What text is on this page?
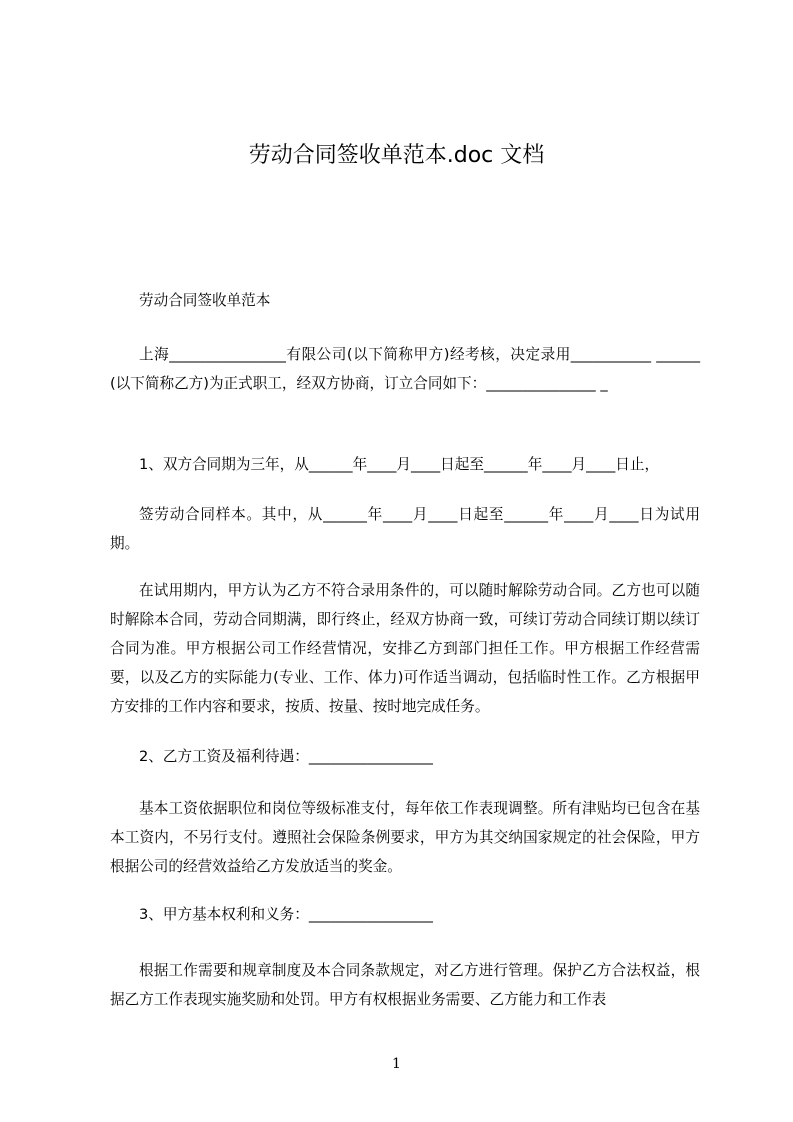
劳动合同签收单范本.doc 文档

劳动合同签收单范本

上海________________有限公司(以下简称甲方)经考核，决定录用___________ ______(以下简称乙方)为正式职工，经双方协商，订立合同如下：_______________ _

1、双方合同期为三年，从______年____月____日起至______年____月____日止，

签劳动合同样本。其中，从______年____月____日起至______年____月____日为试用期。

在试用期内，甲方认为乙方不符合录用条件的，可以随时解除劳动合同。乙方也可以随时解除本合同，劳动合同期满，即行终止，经双方协商一致，可续订劳动合同续订期以续订合同为准。甲方根据公司工作经营情况，安排乙方到部门担任工作。甲方根据工作经营需要，以及乙方的实际能力(专业、工作、体力)可作适当调动，包括临时性工作。乙方根据甲方安排的工作内容和要求，按质、按量、按时地完成任务。

2、乙方工资及福利待遇：_________________

基本工资依据职位和岗位等级标准支付，每年依工作表现调整。所有津贴均已包含在基本工资内，不另行支付。遵照社会保险条例要求，甲方为其交纳国家规定的社会保险，甲方根据公司的经营效益给乙方发放适当的奖金。

3、甲方基本权利和义务：_________________

根据工作需要和规章制度及本合同条款规定，对乙方进行管理。保护乙方合法权益，根据乙方工作表现实施奖励和处罚。甲方有权根据业务需要、乙方能力和工作表

1
